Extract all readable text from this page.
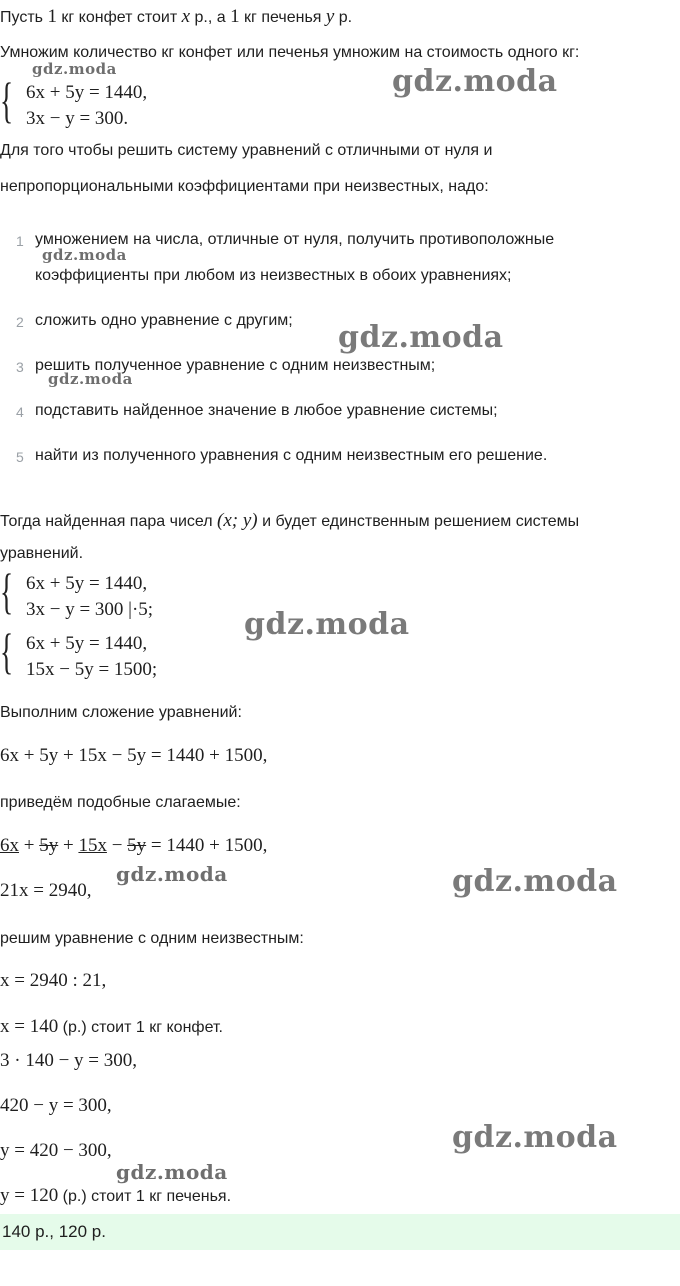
Пусть 1 кг конфет стоит x р., а 1 кг печенья y р.
Умножим количество кг конфет или печенья умножим на стоимость одного кг:
{ 6x + 5y = 1440,
3x − y = 300.
Для того чтобы решить систему уравнений с отличными от нуля и
непропорциональными коэффициентами при неизвестных, надо:
1 умножением на числа, отличные от нуля, получить противоположные
коэффициенты при любом из неизвестных в обоих уравнениях;
2 сложить одно уравнение с другим;
3 решить полученное уравнение с одним неизвестным;
4 подставить найденное значение в любое уравнение системы;
5 найти из полученного уравнения с одним неизвестным его решение.
Тогда найденная пара чисел (x; y) и будет единственным решением системы
уравнений.
{ 6x + 5y = 1440,
3x − y = 300 |·5;
{ 6x + 5y = 1440,
15x − 5y = 1500;
Выполним сложение уравнений:
6x + 5y + 15x − 5y = 1440 + 1500,
приведём подобные слагаемые:
6x + 5y + 15x − 5y = 1440 + 1500,
21x = 2940,
решим уравнение с одним неизвестным:
x = 2940 : 21,
x = 140 (р.) стоит 1 кг конфет.
3 · 140 − y = 300,
420 − y = 300,
y = 420 − 300,
y = 120 (р.) стоит 1 кг печенья.
140 р., 120 р.
gdz.moda	gdz.moda
gdz.moda
gdz.moda
gdz.moda
gdz.moda
gdz.moda	gdz.moda
gdz.moda
gdz.moda
